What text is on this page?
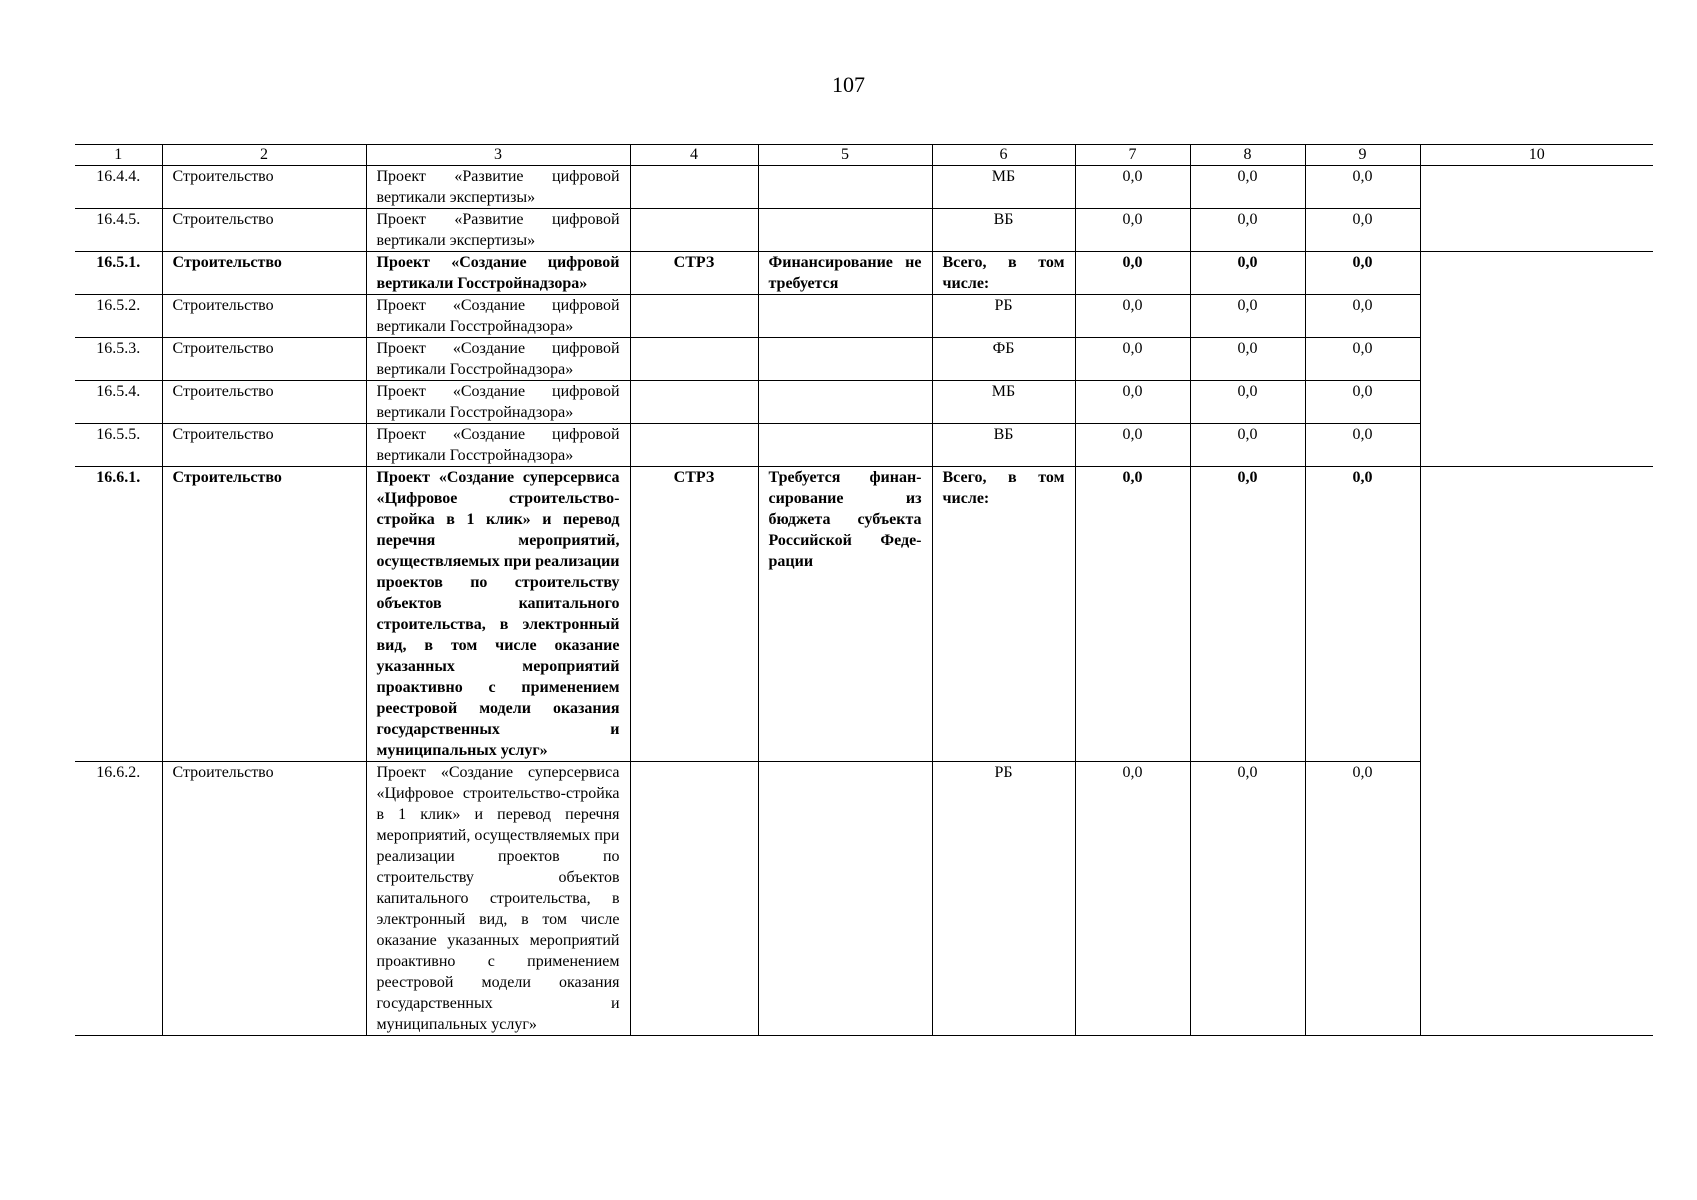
107
1	2	3	4	5	6	7	8	9	10
16.4.4.	Строительство	Проект «Развитие цифровой вертикали экспертизы»			МБ	0,0	0,0	0,0	
16.4.5.	Строительство	Проект «Развитие цифровой вертикали экспертизы»			ВБ	0,0	0,0	0,0	
16.5.1.	Строительство	Проект «Создание цифровой вертикали Госстройнадзора»	СТРЗ	Финансирование не требуется	Всего, в том числе:	0,0	0,0	0,0	
16.5.2.	Строительство	Проект «Создание цифровой вертикали Госстройнадзора»			РБ	0,0	0,0	0,0	
16.5.3.	Строительство	Проект «Создание цифровой вертикали Госстройнадзора»			ФБ	0,0	0,0	0,0	
16.5.4.	Строительство	Проект «Создание цифровой вертикали Госстройнадзора»			МБ	0,0	0,0	0,0	
16.5.5.	Строительство	Проект «Создание цифровой вертикали Госстройнадзора»			ВБ	0,0	0,0	0,0	
16.6.1.	Строительство	Проект «Создание суперсервиса «Цифровое строительство-стройка в 1 клик» и перевод перечня мероприятий, осуществляемых при реализации проектов по строительству объектов капитального строительства, в электронный вид, в том числе оказание указанных мероприятий проактивно с применением реестровой модели оказания государственных и муниципальных услуг»	СТРЗ	Требуется финансирование из бюджета субъекта Российской Федерации	Всего, в том числе:	0,0	0,0	0,0	
16.6.2.	Строительство	Проект «Создание суперсервиса «Цифровое строительство-стройка в 1 клик» и перевод перечня мероприятий, осуществляемых при реализации проектов по строительству объектов капитального строительства, в электронный вид, в том числе оказание указанных мероприятий проактивно с применением реестровой модели оказания государственных и муниципальных услуг»			РБ	0,0	0,0	0,0	
